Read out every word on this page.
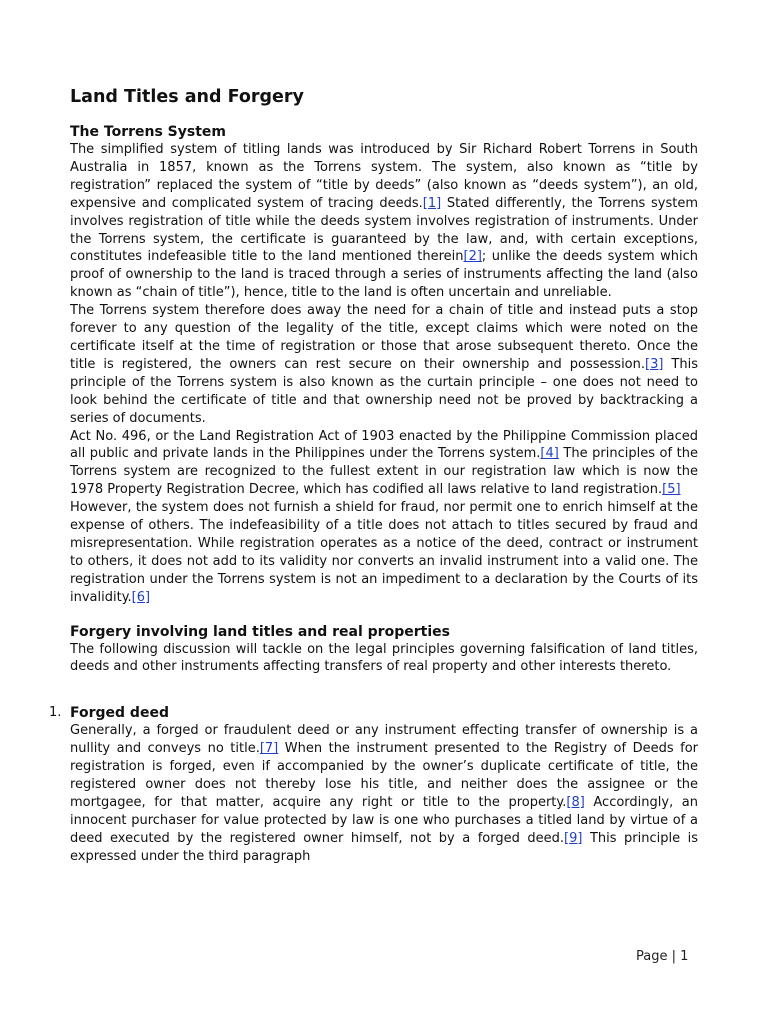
Land Titles and Forgery
The Torrens System

The simplified system of titling lands was introduced by Sir Richard Robert Torrens in South Australia in 1857, known as the Torrens system. The system, also known as “title by registration” replaced the system of “title by deeds” (also known as “deeds system”), an old, expensive and complicated system of tracing deeds.[1] Stated differently, the Torrens system involves registration of title while the deeds system involves registration of instruments. Under the Torrens system, the certificate is guaranteed by the law, and, with certain exceptions, constitutes indefeasible title to the land mentioned therein[2]; unlike the deeds system which proof of ownership to the land is traced through a series of instruments affecting the land (also known as “chain of title”), hence, title to the land is often uncertain and unreliable.

The Torrens system therefore does away the need for a chain of title and instead puts a stop forever to any question of the legality of the title, except claims which were noted on the certificate itself at the time of registration or those that arose subsequent thereto. Once the title is registered, the owners can rest secure on their ownership and possession.[3] This principle of the Torrens system is also known as the curtain principle – one does not need to look behind the certificate of title and that ownership need not be proved by backtracking a series of documents.

Act No. 496, or the Land Registration Act of 1903 enacted by the Philippine Commission placed all public and private lands in the Philippines under the Torrens system.[4] The principles of the Torrens system are recognized to the fullest extent in our registration law which is now the 1978 Property Registration Decree, which has codified all laws relative to land registration.[5]

However, the system does not furnish a shield for fraud, nor permit one to enrich himself at the expense of others. The indefeasibility of a title does not attach to titles secured by fraud and misrepresentation. While registration operates as a notice of the deed, contract or instrument to others, it does not add to its validity nor converts an invalid instrument into a valid one. The registration under the Torrens system is not an impediment to a declaration by the Courts of its invalidity.[6]

Forgery involving land titles and real properties

The following discussion will tackle on the legal principles governing falsification of land titles, deeds and other instruments affecting transfers of real property and other interests thereto.

1. Forged deed

Generally, a forged or fraudulent deed or any instrument effecting transfer of ownership is a nullity and conveys no title.[7] When the instrument presented to the Registry of Deeds for registration is forged, even if accompanied by the owner’s duplicate certificate of title, the registered owner does not thereby lose his title, and neither does the assignee or the mortgagee, for that matter, acquire any right or title to the property.[8] Accordingly, an innocent purchaser for value protected by law is one who purchases a titled land by virtue of a deed executed by the registered owner himself, not by a forged deed.[9] This principle is expressed under the third paragraph

Page | 1
